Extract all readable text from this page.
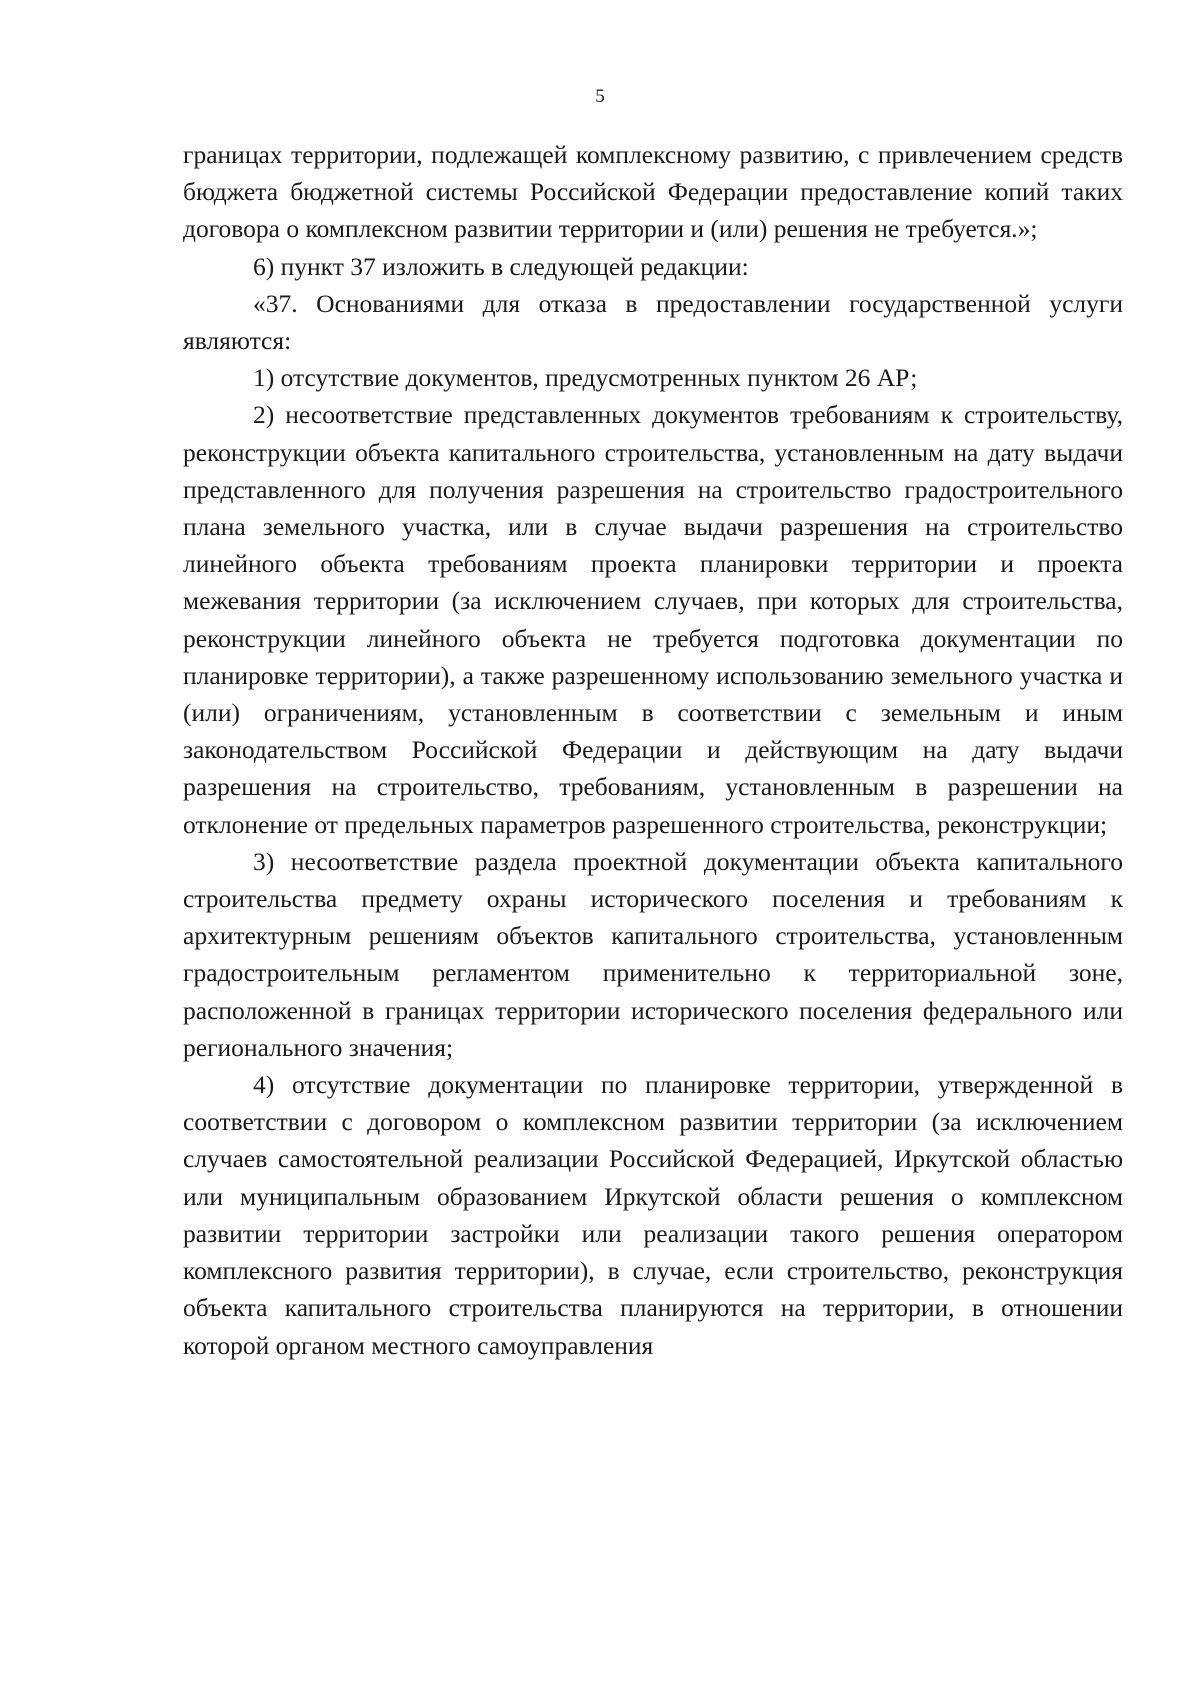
5

границах территории, подлежащей комплексному развитию, с привлечением средств бюджета бюджетной системы Российской Федерации предоставление копий таких договора о комплексном развитии территории и (или) решения не требуется.»;

6) пункт 37 изложить в следующей редакции:

«37. Основаниями для отказа в предоставлении государственной услуги являются:

1) отсутствие документов, предусмотренных пунктом 26 АР;

2) несоответствие представленных документов требованиям к строительству, реконструкции объекта капитального строительства, установленным на дату выдачи представленного для получения разрешения на строительство градостроительного плана земельного участка, или в случае выдачи разрешения на строительство линейного объекта требованиям проекта планировки территории и проекта межевания территории (за исключением случаев, при которых для строительства, реконструкции линейного объекта не требуется подготовка документации по планировке территории), а также разрешенному использованию земельного участка и (или) ограничениям, установленным в соответствии с земельным и иным законодательством Российской Федерации и действующим на дату выдачи разрешения на строительство, требованиям, установленным в разрешении на отклонение от предельных параметров разрешенного строительства, реконструкции;

3) несоответствие раздела проектной документации объекта капитального строительства предмету охраны исторического поселения и требованиям к архитектурным решениям объектов капитального строительства, установленным градостроительным регламентом применительно к территориальной зоне, расположенной в границах территории исторического поселения федерального или регионального значения;

4) отсутствие документации по планировке территории, утвержденной в соответствии с договором о комплексном развитии территории (за исключением случаев самостоятельной реализации Российской Федерацией, Иркутской областью или муниципальным образованием Иркутской области решения о комплексном развитии территории застройки или реализации такого решения оператором комплексного развития территории), в случае, если строительство, реконструкция объекта капитального строительства планируются на территории, в отношении которой органом местного самоуправления
